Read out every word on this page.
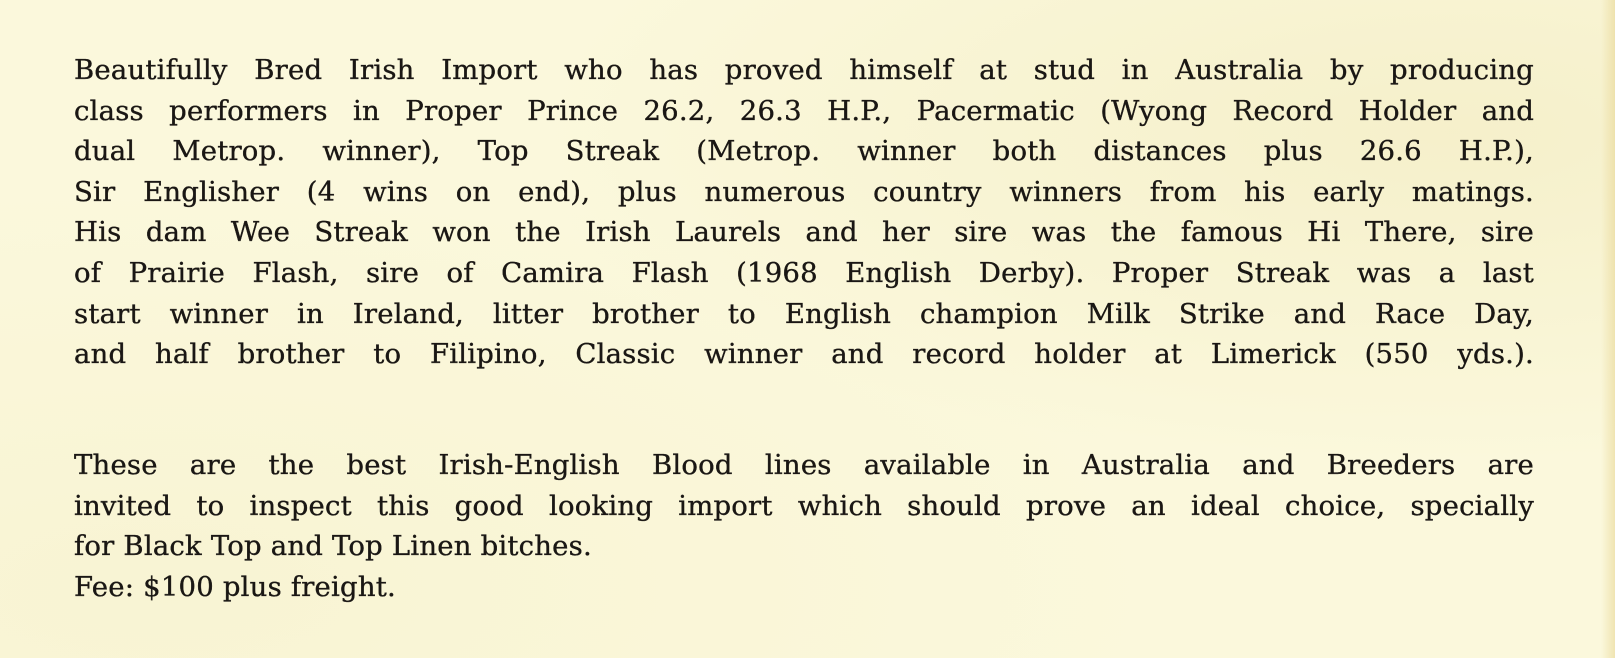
Beautifully Bred Irish Import who has proved himself at stud in Australia by producing
class performers in Proper Prince 26.2, 26.3 H.P., Pacermatic (Wyong Record Holder and
dual Metrop. winner), Top Streak (Metrop. winner both distances plus 26.6 H.P.),
Sir Englisher (4 wins on end), plus numerous country winners from his early matings.
His dam Wee Streak won the Irish Laurels and her sire was the famous Hi There, sire
of Prairie Flash, sire of Camira Flash (1968 English Derby). Proper Streak was a last
start winner in Ireland, litter brother to English champion Milk Strike and Race Day,
and half brother to Filipino, Classic winner and record holder at Limerick (550 yds.).
These are the best Irish-English Blood lines available in Australia and Breeders are
invited to inspect this good looking import which should prove an ideal choice, specially
for Black Top and Top Linen bitches.
Fee: $100 plus freight.
